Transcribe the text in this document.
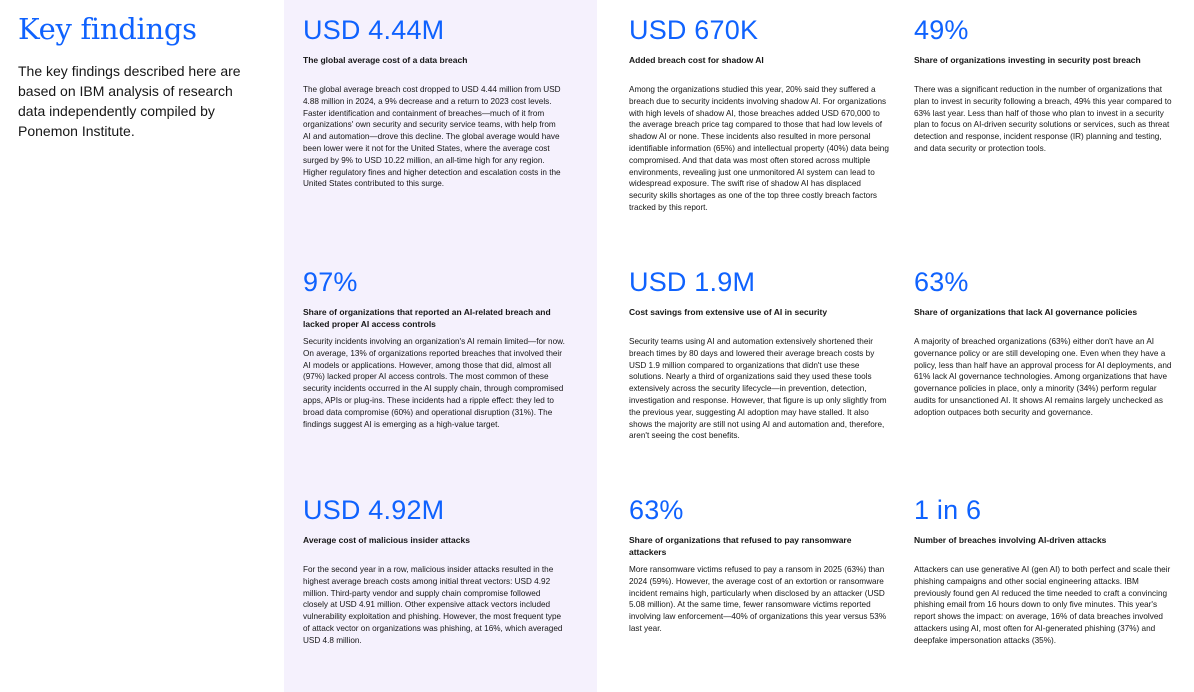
Key findings

The key findings described here are based on IBM analysis of research data independently compiled by Ponemon Institute.

USD 4.44M
The global average cost of a data breach
The global average breach cost dropped to USD 4.44 million from USD 4.88 million in 2024, a 9% decrease and a return to 2023 cost levels. Faster identification and containment of breaches—much of it from organizations' own security and security service teams, with help from AI and automation—drove this decline. The global average would have been lower were it not for the United States, where the average cost surged by 9% to USD 10.22 million, an all-time high for any region. Higher regulatory fines and higher detection and escalation costs in the United States contributed to this surge.
USD 670K
Added breach cost for shadow AI
Among the organizations studied this year, 20% said they suffered a breach due to security incidents involving shadow AI. For organizations with high levels of shadow AI, those breaches added USD 670,000 to the average breach price tag compared to those that had low levels of shadow AI or none. These incidents also resulted in more personal identifiable information (65%) and intellectual property (40%) data being compromised. And that data was most often stored across multiple environments, revealing just one unmonitored AI system can lead to widespread exposure. The swift rise of shadow AI has displaced security skills shortages as one of the top three costly breach factors tracked by this report.
49%
Share of organizations investing in security post breach
There was a significant reduction in the number of organizations that plan to invest in security following a breach, 49% this year compared to 63% last year. Less than half of those who plan to invest in a security plan to focus on AI-driven security solutions or services, such as threat detection and response, incident response (IR) planning and testing, and data security or protection tools.
97%
Share of organizations that reported an AI-related breach and lacked proper AI access controls
Security incidents involving an organization's AI remain limited—for now. On average, 13% of organizations reported breaches that involved their AI models or applications. However, among those that did, almost all (97%) lacked proper AI access controls. The most common of these security incidents occurred in the AI supply chain, through compromised apps, APIs or plug-ins. These incidents had a ripple effect: they led to broad data compromise (60%) and operational disruption (31%). The findings suggest AI is emerging as a high-value target.
USD 1.9M
Cost savings from extensive use of AI in security
Security teams using AI and automation extensively shortened their breach times by 80 days and lowered their average breach costs by USD 1.9 million compared to organizations that didn't use these solutions. Nearly a third of organizations said they used these tools extensively across the security lifecycle—in prevention, detection, investigation and response. However, that figure is up only slightly from the previous year, suggesting AI adoption may have stalled. It also shows the majority are still not using AI and automation and, therefore, aren't seeing the cost benefits.
63%
Share of organizations that lack AI governance policies
A majority of breached organizations (63%) either don't have an AI governance policy or are still developing one. Even when they have a policy, less than half have an approval process for AI deployments, and 61% lack AI governance technologies. Among organizations that have governance policies in place, only a minority (34%) perform regular audits for unsanctioned AI. It shows AI remains largely unchecked as adoption outpaces both security and governance.
USD 4.92M
Average cost of malicious insider attacks
For the second year in a row, malicious insider attacks resulted in the highest average breach costs among initial threat vectors: USD 4.92 million. Third-party vendor and supply chain compromise followed closely at USD 4.91 million. Other expensive attack vectors included vulnerability exploitation and phishing. However, the most frequent type of attack vector on organizations was phishing, at 16%, which averaged USD 4.8 million.
63%
Share of organizations that refused to pay ransomware attackers
More ransomware victims refused to pay a ransom in 2025 (63%) than 2024 (59%). However, the average cost of an extortion or ransomware incident remains high, particularly when disclosed by an attacker (USD 5.08 million). At the same time, fewer ransomware victims reported involving law enforcement—40% of organizations this year versus 53% last year.
1 in 6
Number of breaches involving AI-driven attacks
Attackers can use generative AI (gen AI) to both perfect and scale their phishing campaigns and other social engineering attacks. IBM previously found gen AI reduced the time needed to craft a convincing phishing email from 16 hours down to only five minutes. This year's report shows the impact: on average, 16% of data breaches involved attackers using AI, most often for AI-generated phishing (37%) and deepfake impersonation attacks (35%).
